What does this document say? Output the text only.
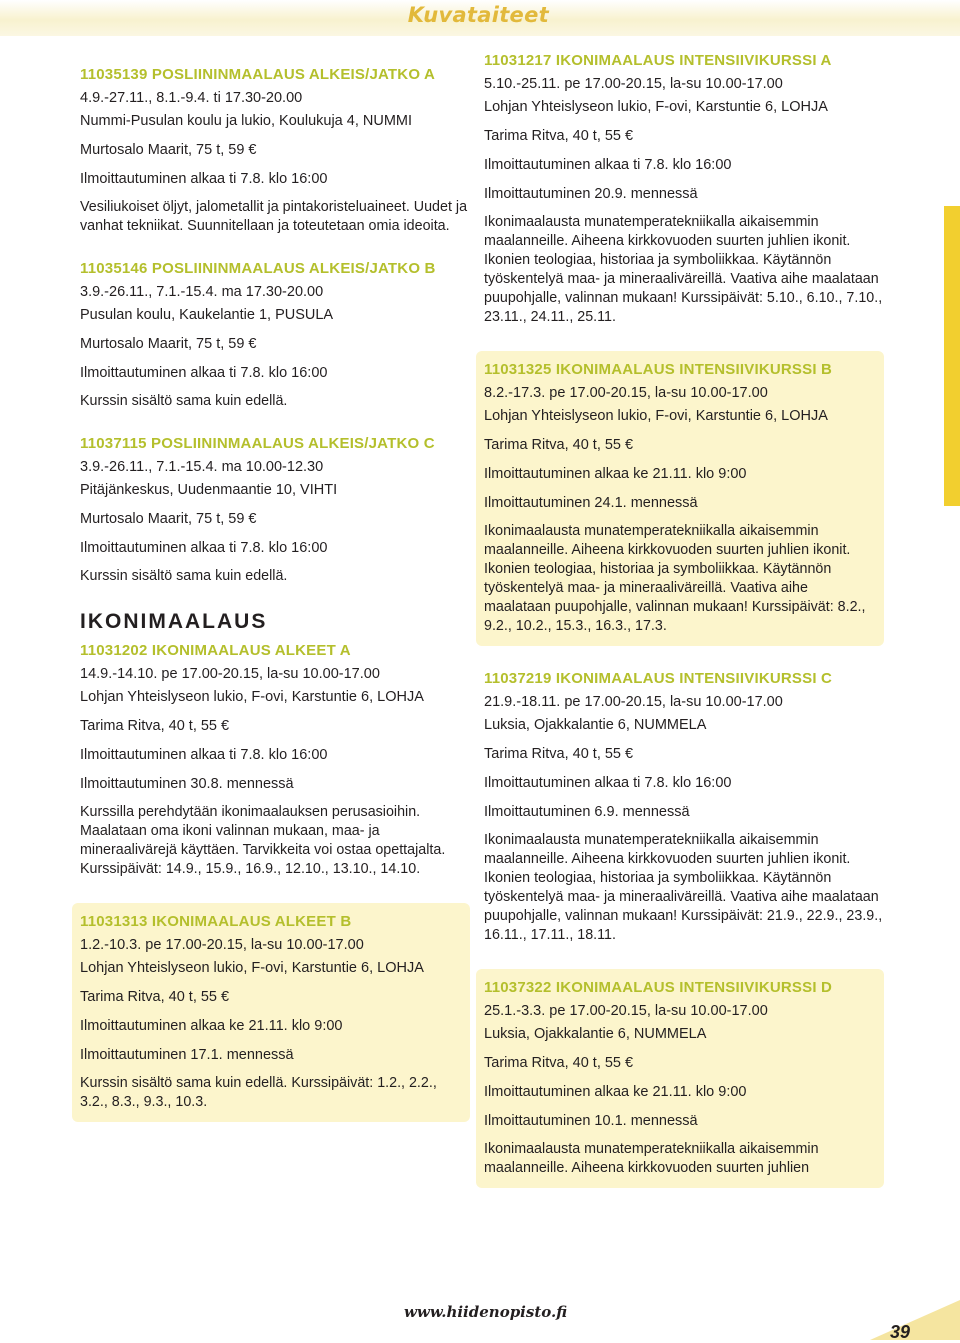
Kuvataiteet
11035139 POSLIININMAALAUS ALKEIS/JATKO A
4.9.-27.11., 8.1.-9.4. ti 17.30-20.00
Nummi-Pusulan koulu ja lukio, Koulukuja 4, NUMMI
Murtosalo Maarit, 75 t, 59 €
Ilmoittautuminen alkaa ti 7.8. klo 16:00
Vesiliukoiset öljyt, jalometallit ja pintakoristeluaineet. Uudet ja vanhat tekniikat. Suunnitellaan ja toteutetaan omia ideoita.
11035146 POSLIININMAALAUS ALKEIS/JATKO B
3.9.-26.11., 7.1.-15.4. ma 17.30-20.00
Pusulan koulu, Kaukelantie 1, PUSULA
Murtosalo Maarit, 75 t, 59 €
Ilmoittautuminen alkaa ti 7.8. klo 16:00
Kurssin sisältö sama kuin edellä.
11037115 POSLIININMAALAUS ALKEIS/JATKO C
3.9.-26.11., 7.1.-15.4. ma 10.00-12.30
Pitäjänkeskus, Uudenmaantie 10, VIHTI
Murtosalo Maarit, 75 t, 59 €
Ilmoittautuminen alkaa ti 7.8. klo 16:00
Kurssin sisältö sama kuin edellä.
IKONIMAALAUS
11031202 IKONIMAALAUS ALKEET A
14.9.-14.10. pe 17.00-20.15, la-su 10.00-17.00
Lohjan Yhteislyseon lukio, F-ovi, Karstuntie 6, LOHJA
Tarima Ritva, 40 t, 55 €
Ilmoittautuminen alkaa ti 7.8. klo 16:00
Ilmoittautuminen 30.8. mennessä
Kurssilla perehdytään ikonimaalauksen perusasioihin. Maalataan oma ikoni valinnan mukaan, maa- ja mineraalivärejä käyttäen. Tarvikkeita voi ostaa opettajalta. Kurssipäivät: 14.9., 15.9., 16.9., 12.10., 13.10., 14.10.
11031313 IKONIMAALAUS ALKEET B
1.2.-10.3. pe 17.00-20.15, la-su 10.00-17.00
Lohjan Yhteislyseon lukio, F-ovi, Karstuntie 6, LOHJA
Tarima Ritva, 40 t, 55 €
Ilmoittautuminen alkaa ke 21.11. klo 9:00
Ilmoittautuminen 17.1. mennessä
Kurssin sisältö sama kuin edellä. Kurssipäivät: 1.2., 2.2., 3.2., 8.3., 9.3., 10.3.
11031217 IKONIMAALAUS INTENSIIVIKURSSI A
5.10.-25.11. pe 17.00-20.15, la-su 10.00-17.00
Lohjan Yhteislyseon lukio, F-ovi, Karstuntie 6, LOHJA
Tarima Ritva, 40 t, 55 €
Ilmoittautuminen alkaa ti 7.8. klo 16:00
Ilmoittautuminen 20.9. mennessä
Ikonimaalausta munatemperatekniikalla aikaisemmin maalanneille. Aiheena kirkkovuoden suurten juhlien ikonit. Ikonien teologiaa, historiaa ja symboliikkaa. Käytännön työskentelyä maa- ja mineraaliväreillä. Vaativa aihe maalataan puupohjalle, valinnan mukaan! Kurssipäivät: 5.10., 6.10., 7.10., 23.11., 24.11., 25.11.
11031325 IKONIMAALAUS INTENSIIVIKURSSI B
8.2.-17.3. pe 17.00-20.15, la-su 10.00-17.00
Lohjan Yhteislyseon lukio, F-ovi, Karstuntie 6, LOHJA
Tarima Ritva, 40 t, 55 €
Ilmoittautuminen alkaa ke 21.11. klo 9:00
Ilmoittautuminen 24.1. mennessä
Ikonimaalausta munatemperatekniikalla aikaisemmin maalanneille. Aiheena kirkkovuoden suurten juhlien ikonit. Ikonien teologiaa, historiaa ja symboliikkaa. Käytännön työskentelyä maa- ja mineraaliväreillä. Vaativa aihe maalataan puupohjalle, valinnan mukaan! Kurssipäivät: 8.2., 9.2., 10.2., 15.3., 16.3., 17.3.
11037219 IKONIMAALAUS INTENSIIVIKURSSI C
21.9.-18.11. pe 17.00-20.15, la-su 10.00-17.00
Luksia, Ojakkalantie 6, NUMMELA
Tarima Ritva, 40 t, 55 €
Ilmoittautuminen alkaa ti 7.8. klo 16:00
Ilmoittautuminen 6.9. mennessä
Ikonimaalausta munatemperatekniikalla aikaisemmin maalanneille. Aiheena kirkkovuoden suurten juhlien ikonit. Ikonien teologiaa, historiaa ja symboliikkaa. Käytännön työskentelyä maa- ja mineraaliväreillä. Vaativa aihe maalataan puupohjalle, valinnan mukaan! Kurssipäivät: 21.9., 22.9., 23.9., 16.11., 17.11., 18.11.
11037322 IKONIMAALAUS INTENSIIVIKURSSI D
25.1.-3.3. pe 17.00-20.15, la-su 10.00-17.00
Luksia, Ojakkalantie 6, NUMMELA
Tarima Ritva, 40 t, 55 €
Ilmoittautuminen alkaa ke 21.11. klo 9:00
Ilmoittautuminen 10.1. mennessä
Ikonimaalausta munatemperatekniikalla aikaisemmin maalanneille. Aiheena kirkkovuoden suurten juhlien
www.hiidenopisto.fi
39
